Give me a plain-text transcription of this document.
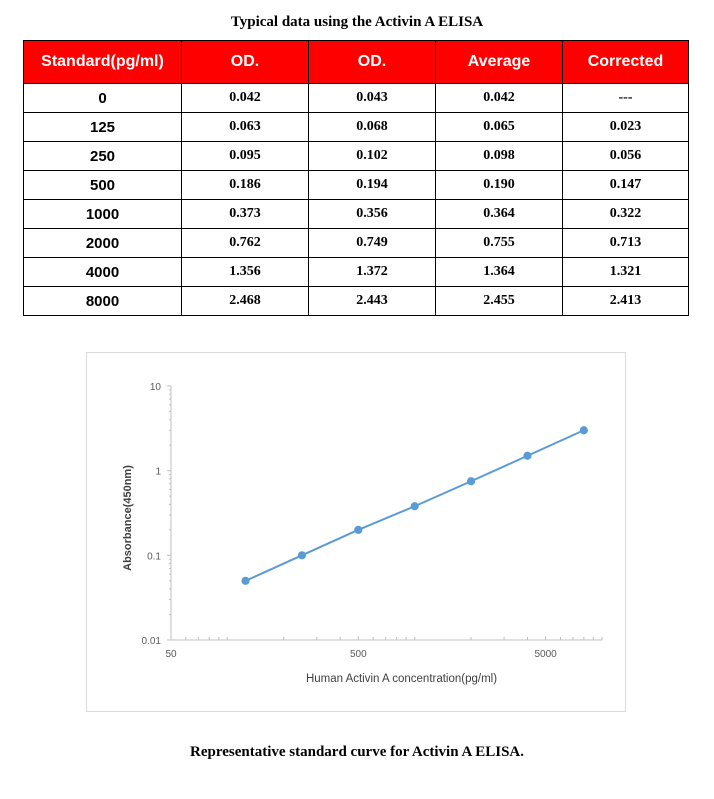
Typical data using the Activin A ELISA
Standard(pg/ml)	OD.	OD.	Average	Corrected
0	0.042	0.043	0.042	---
125	0.063	0.068	0.065	0.023
250	0.095	0.102	0.098	0.056
500	0.186	0.194	0.190	0.147
1000	0.373	0.356	0.364	0.322
2000	0.762	0.749	0.755	0.713
4000	1.356	1.372	1.364	1.321
8000	2.468	2.443	2.455	2.413
0.01
0.1
1
10
50	500	5000
Human Activin A concentration(pg/ml)
Absorbance(450nm)
Representative standard curve for Activin A ELISA.
